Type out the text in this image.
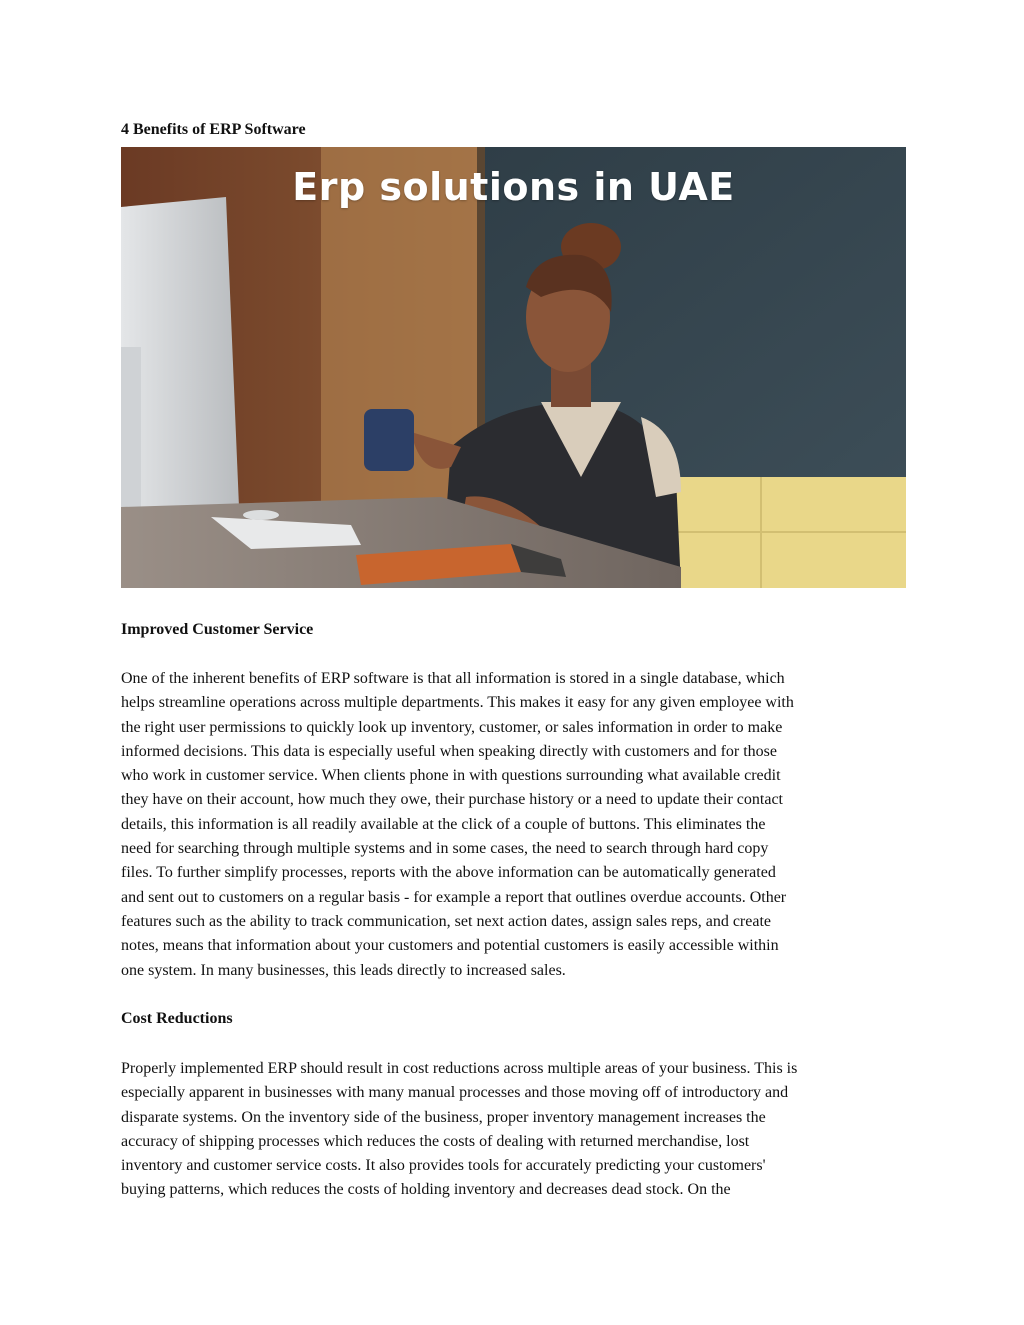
4 Benefits of ERP Software
Erp solutions in UAE
Improved Customer Service
One of the inherent benefits of ERP software is that all information is stored in a single database, which
helps streamline operations across multiple departments. This makes it easy for any given employee with
the right user permissions to quickly look up inventory, customer, or sales information in order to make
informed decisions. This data is especially useful when speaking directly with customers and for those
who work in customer service. When clients phone in with questions surrounding what available credit
they have on their account, how much they owe, their purchase history or a need to update their contact
details, this information is all readily available at the click of a couple of buttons. This eliminates the
need for searching through multiple systems and in some cases, the need to search through hard copy
files. To further simplify processes, reports with the above information can be automatically generated
and sent out to customers on a regular basis - for example a report that outlines overdue accounts. Other
features such as the ability to track communication, set next action dates, assign sales reps, and create
notes, means that information about your customers and potential customers is easily accessible within
one system. In many businesses, this leads directly to increased sales.
Cost Reductions
Properly implemented ERP should result in cost reductions across multiple areas of your business. This is
especially apparent in businesses with many manual processes and those moving off of introductory and
disparate systems. On the inventory side of the business, proper inventory management increases the
accuracy of shipping processes which reduces the costs of dealing with returned merchandise, lost
inventory and customer service costs. It also provides tools for accurately predicting your customers'
buying patterns, which reduces the costs of holding inventory and decreases dead stock. On the
